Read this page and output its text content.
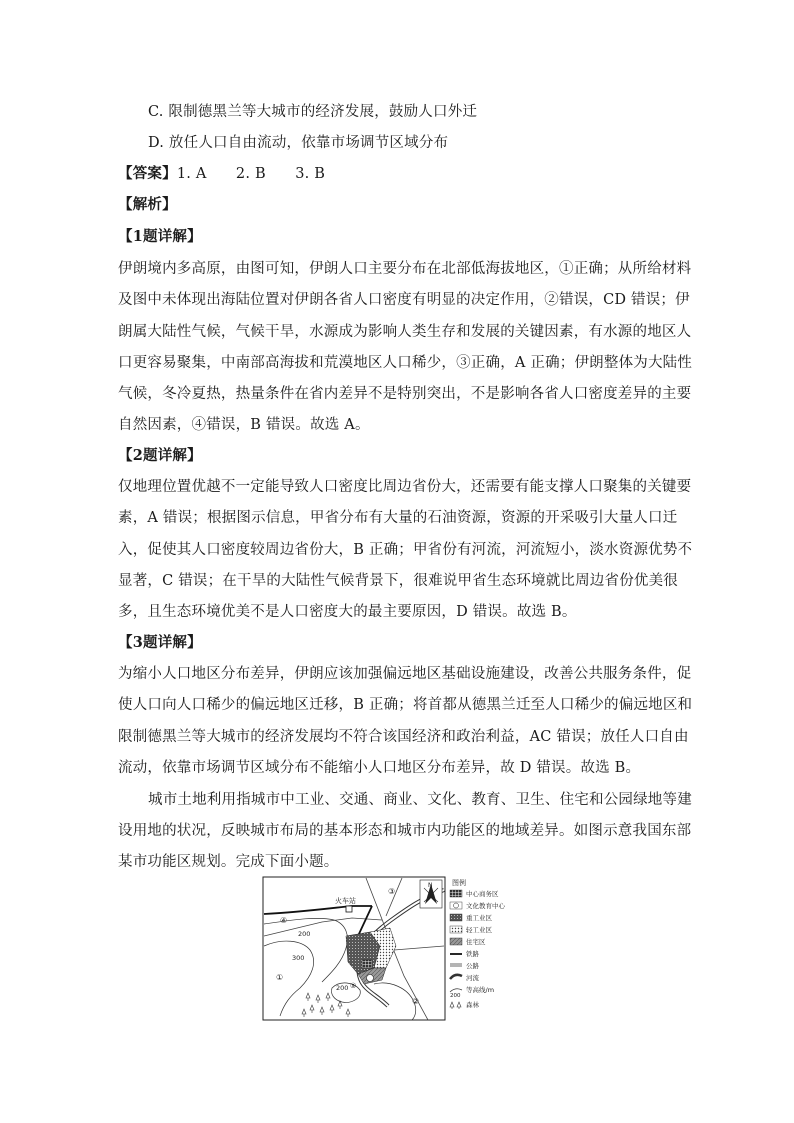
C. 限制德黑兰等大城市的经济发展，鼓励人口外迁
D. 放任人口自由流动，依靠市场调节区域分布
【答案】1. A　　2. B　　3. B
【解析】
【1题详解】
伊朗境内多高原，由图可知，伊朗人口主要分布在北部低海拔地区，①正确；从所给材料
及图中未体现出海陆位置对伊朗各省人口密度有明显的决定作用，②错误，CD 错误；伊
朗属大陆性气候，气候干旱，水源成为影响人类生存和发展的关键因素，有水源的地区人
口更容易聚集，中南部高海拔和荒漠地区人口稀少，③正确，A 正确；伊朗整体为大陆性
气候，冬冷夏热，热量条件在省内差异不是特别突出，不是影响各省人口密度差异的主要
自然因素，④错误，B 错误。故选 A。
【2题详解】
仅地理位置优越不一定能导致人口密度比周边省份大，还需要有能支撑人口聚集的关键要
素，A 错误；根据图示信息，甲省分布有大量的石油资源，资源的开采吸引大量人口迁
入，促使其人口密度较周边省份大，B 正确；甲省份有河流，河流短小，淡水资源优势不
显著，C 错误；在干旱的大陆性气候背景下，很难说甲省生态环境就比周边省份优美很
多，且生态环境优美不是人口密度大的最主要原因，D 错误。故选 B。
【3题详解】
为缩小人口地区分布差异，伊朗应该加强偏远地区基础设施建设，改善公共服务条件，促
使人口向人口稀少的偏远地区迁移，B 正确；将首都从德黑兰迁至人口稀少的偏远地区和
限制德黑兰等大城市的经济发展均不符合该国经济和政治利益，AC 错误；放任人口自由
流动，依靠市场调节区域分布不能缩小人口地区分布差异，故 D 错误。故选 B。
城市土地利用指城市中工业、交通、商业、文化、教育、卫生、住宅和公园绿地等建
设用地的状况，反映城市布局的基本形态和城市内功能区的地域差异。如图示意我国东部
某市功能区规划。完成下面小题。
火车站
①
②
③
④
⑤
200
300
200
N	图例
中心商务区
文化教育中心
重工业区
轻工业区
住宅区
铁路
公路
河流
200
等高线/m
森林
